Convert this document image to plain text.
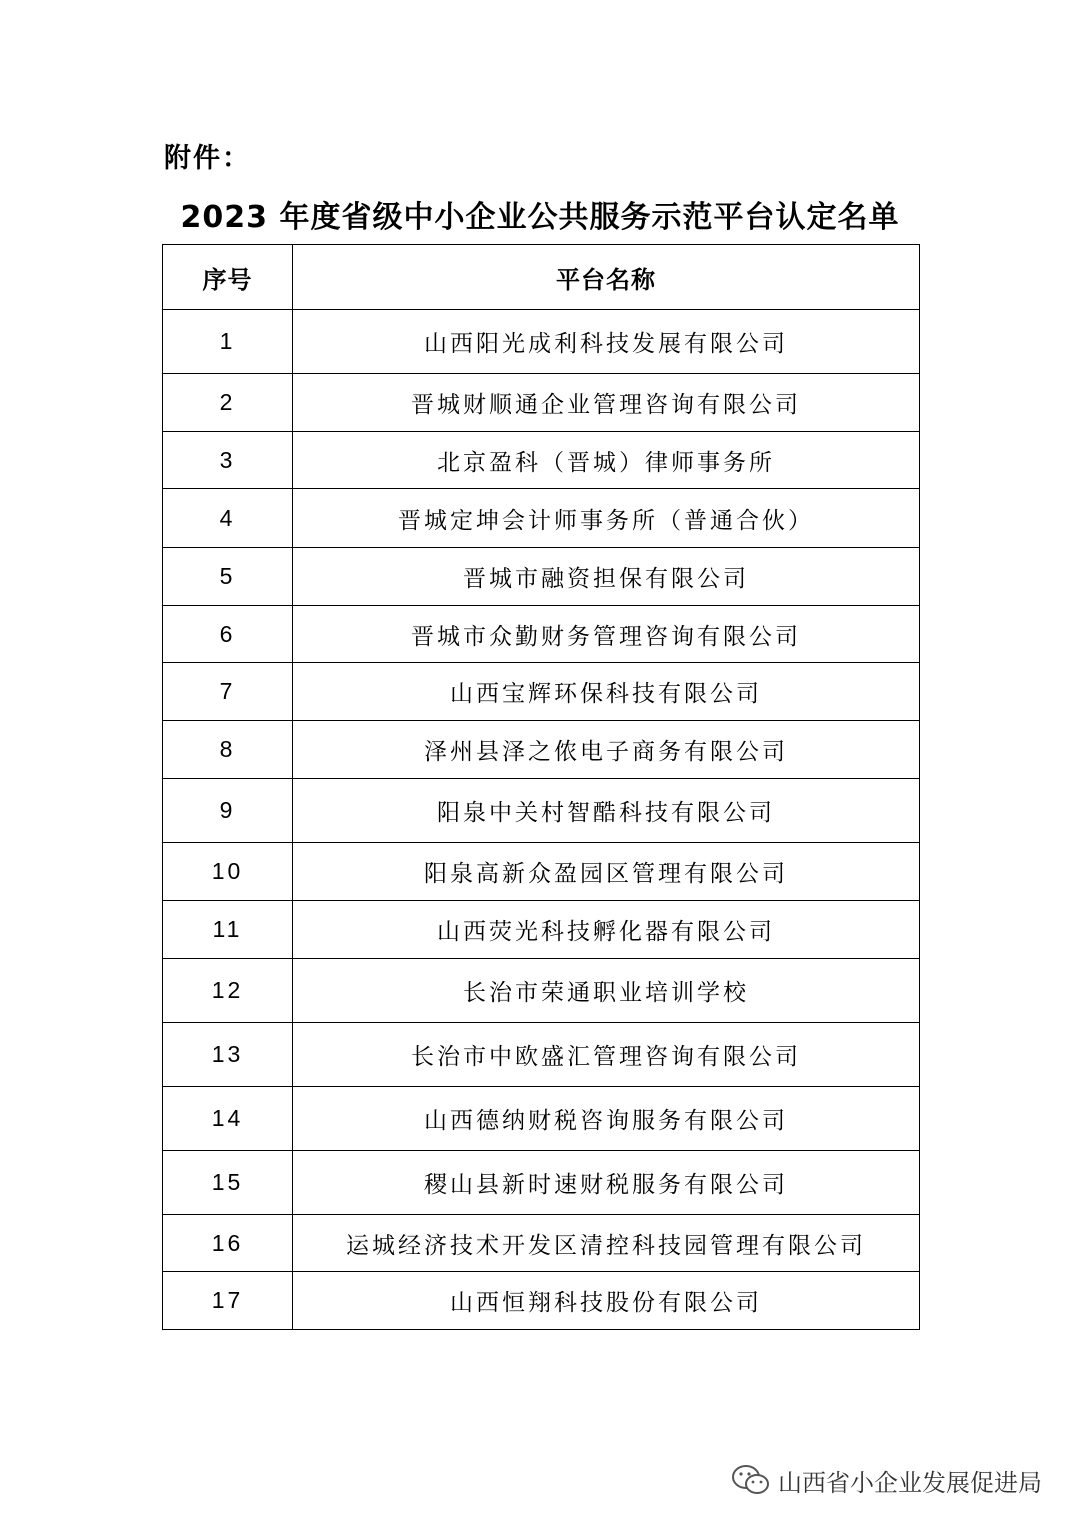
附件：
2023 年度省级中小企业公共服务示范平台认定名单
序号	平台名称
1	山西阳光成利科技发展有限公司
2	晋城财顺通企业管理咨询有限公司
3	北京盈科（晋城）律师事务所
4	晋城定坤会计师事务所（普通合伙）
5	晋城市融资担保有限公司
6	晋城市众勤财务管理咨询有限公司
7	山西宝辉环保科技有限公司
8	泽州县泽之侬电子商务有限公司
9	阳泉中关村智酷科技有限公司
10	阳泉高新众盈园区管理有限公司
11	山西荧光科技孵化器有限公司
12	长治市荣通职业培训学校
13	长治市中欧盛汇管理咨询有限公司
14	山西德纳财税咨询服务有限公司
15	稷山县新时速财税服务有限公司
16	运城经济技术开发区清控科技园管理有限公司
17	山西恒翔科技股份有限公司
山西省小企业发展促进局
